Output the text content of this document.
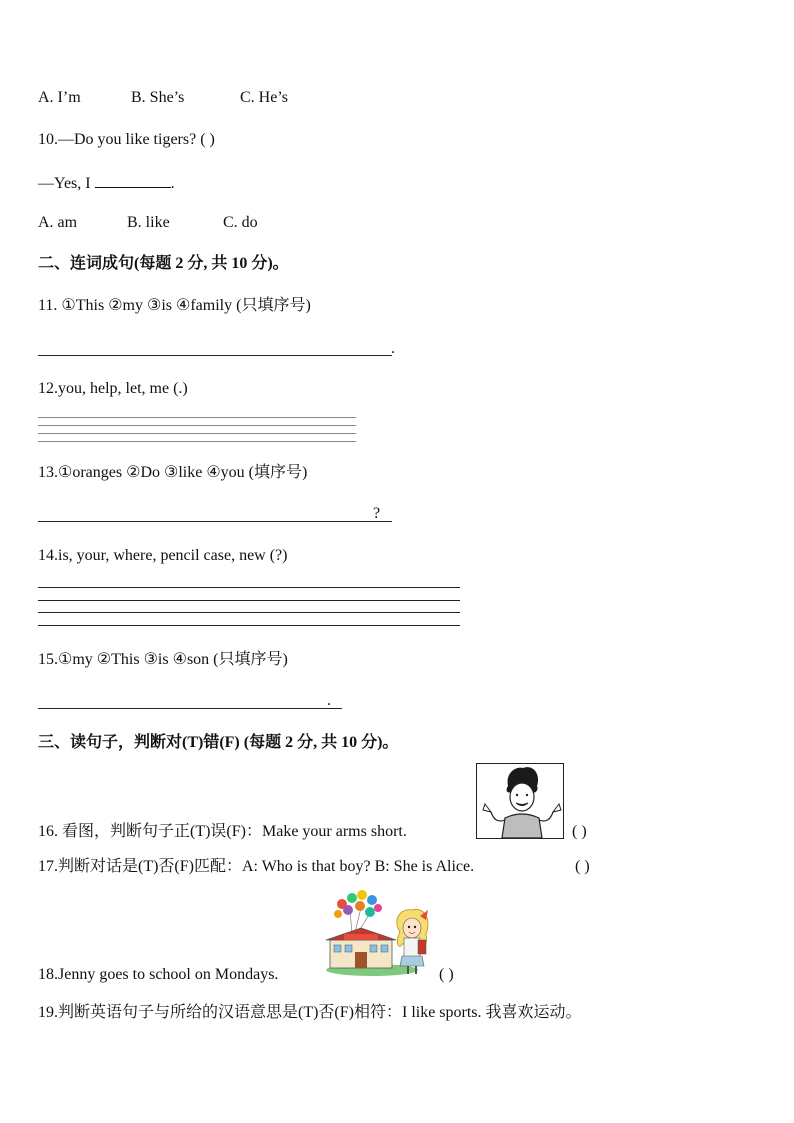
A. I’m	B. She’s	C. He’s
10.—Do you like tigers? ( )
—Yes, I	.
A. am	B. like	C. do
二、连词成句(每题 2 分, 共 10 分)。
11. ①This ②my ③is ④family (只填序号)
.
12.you, help, let, me (.)
13.①oranges ②Do ③like ④you (填序号)
?
14.is, your, where, pencil case, new (?)
15.①my ②This ③is ④son (只填序号)
.
三、读句子，判断对(T)错(F) (每题 2 分, 共 10 分)。
16. 看图，判断句子正(T)误(F)：Make your arms short.	( )
17.判断对话是(T)否(F)匹配：A: Who is that boy? B: She is Alice.	( )
18.Jenny goes to school on Mondays.	( )
19.判断英语句子与所给的汉语意思是(T)否(F)相符：I like sports. 我喜欢运动。
